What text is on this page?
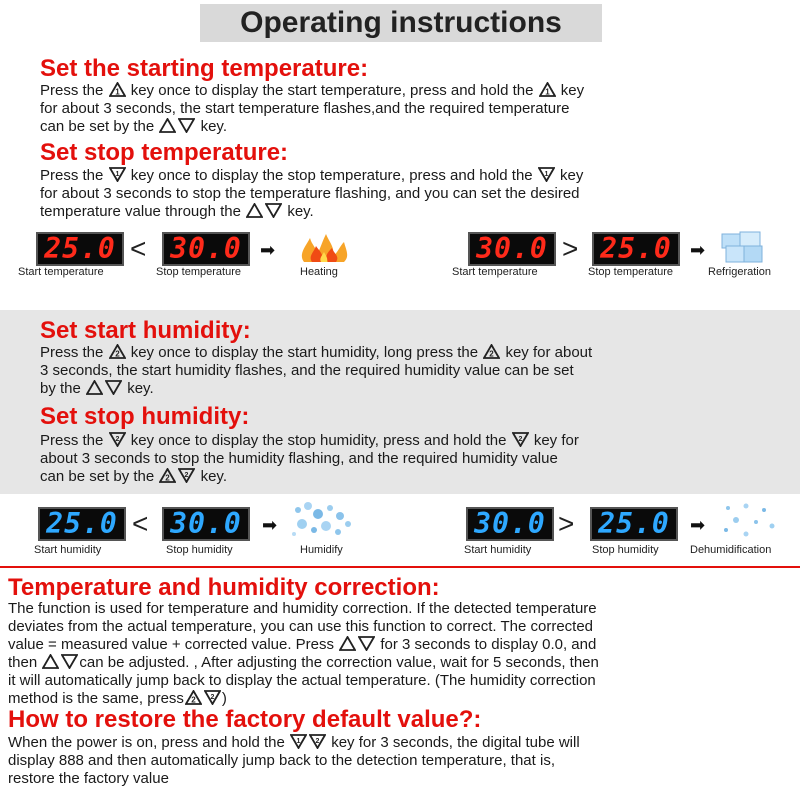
Operating instructions
Set the starting temperature:
Press the key once to display the start temperature, press and hold the key
for about 3 seconds, the start temperature flashes,and the required temperature
can be set by the	key.
Set stop temperature:
Press the key once to display the stop temperature, press and hold the key
for about 3 seconds to stop the temperature flashing, and you can set the desired
temperature value through the	key.
25.0 < 30.0	➡
Start temperature	Stop temperature	Heating
30.0 > 25.0	➡
Start temperature	Stop temperature	Refrigeration
Set start humidity:
Press the key once to display the start humidity, long press the key for about
3 seconds, the start humidity flashes, and the required humidity value can be set
by the	key.
Set stop humidity:
Press the key once to display the stop humidity, press and hold the key for
about 3 seconds to stop the humidity flashing, and the required humidity value
can be set by the	key.
25.0 < 30.0	➡
Start humidity	Stop humidity	Humidify
30.0 > 25.0	➡
Start humidity	Stop humidity	Dehumidification
Temperature and humidity correction:
The function is used for temperature and humidity correction. If the detected temperature
deviates from the actual temperature, you can use this function to correct. The corrected
value = measured value + corrected value. Press	for 3 seconds to display 0.0, and
then	can be adjusted. , After adjusting the correction value, wait for 5 seconds, then
it will automatically jump back to display the actual temperature. (The humidity correction
method is the same, press	)
How to restore the factory default value?:
When the power is on, press and hold the	key for 3 seconds, the digital tube will
display 888 and then automatically jump back to the detection temperature, that is,
restore the factory value
